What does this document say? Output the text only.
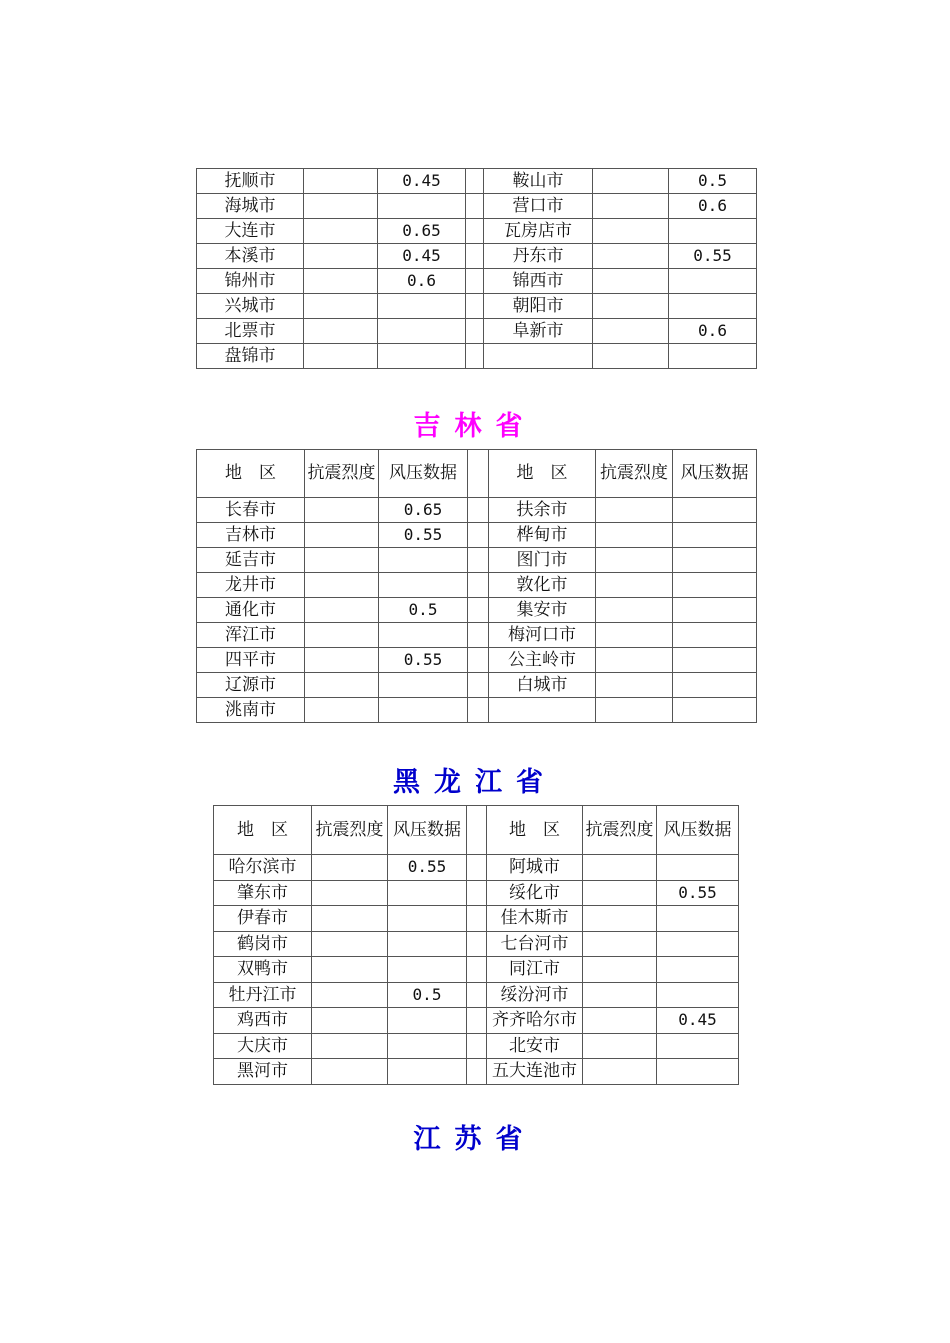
抚顺市		0.45		鞍山市		0.5
海城市				营口市		0.6
大连市		0.65		瓦房店市		
本溪市		0.45		丹东市		0.55
锦州市		0.6		锦西市		
兴城市				朝阳市		
北票市				阜新市		0.6
盘锦市						
吉林省
地　区	抗震烈度	风压数据		地　区	抗震烈度	风压数据
长春市		0.65		扶余市		
吉林市		0.55		桦甸市		
延吉市				图门市		
龙井市				敦化市		
通化市		0.5		集安市		
浑江市				梅河口市		
四平市		0.55		公主岭市		
辽源市				白城市		
洮南市						
黑龙江省
地　区	抗震烈度	风压数据		地　区	抗震烈度	风压数据
哈尔滨市		0.55		阿城市		
肇东市				绥化市		0.55
伊春市				佳木斯市		
鹤岗市				七台河市		
双鸭市				同江市		
牡丹江市		0.5		绥汾河市		
鸡西市				齐齐哈尔市		0.45
大庆市				北安市		
黑河市				五大连池市		
江苏省
